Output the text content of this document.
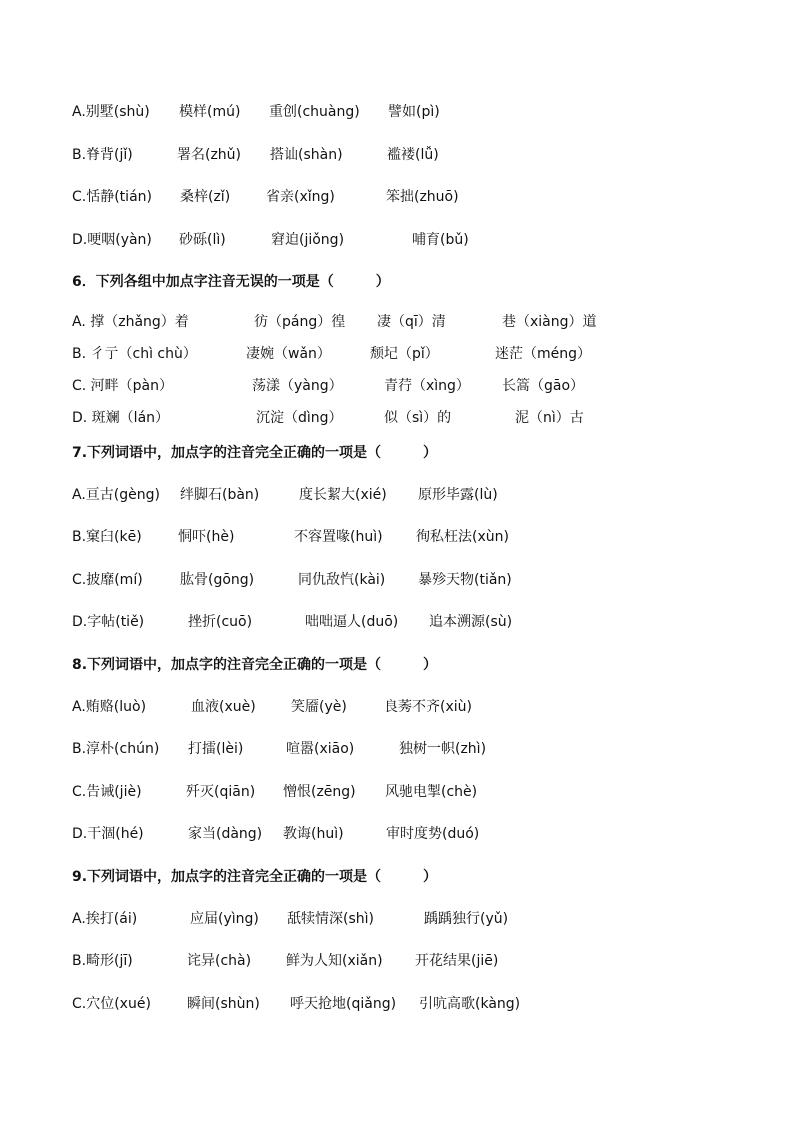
A.别墅(shù) 模样(mú) 重创(chuàng) 譬如(pì)
B.脊背(jǐ)	署名(zhǔ) 搭讪(shàn)	褴褛(lǚ)
C.恬静(tián) 桑梓(zǐ)	省亲(xǐng)	笨拙(zhuō)
D.哽咽(yàn) 砂砾(lì)	窘迫(jiǒng)	哺育(bǔ)
6．下列各组中加点字注音无误的一项是（　　　）
A. 撑（zhǎng）着	彷（páng）徨 凄（qī）清	巷（xiàng）道
B. 彳亍（chì chù）	凄婉（wǎn）	颓圮（pǐ）	迷茫（méng）
C. 河畔（pàn）	荡漾（yàng）	青荇（xìng） 长篙（gāo）
D. 斑斓（lán）	沉淀（dìng）	似（sì）的	泥（nì）古
7.下列词语中，加点字的注音完全正确的一项是（　　　）
A.亘古(gèng) 绊脚石(bàn)	度长絜大(xié) 原形毕露(lù)
B.窠臼(kē)	恫吓(hè)	不容置喙(huì) 徇私枉法(xùn)
C.披靡(mí)	肱骨(gōng)	同仇敌忾(kài) 暴殄天物(tiǎn)
D.字帖(tiě)	挫折(cuō)	咄咄逼人(duō) 追本溯源(sù)
8.下列词语中，加点字的注音完全正确的一项是（　　　）
A.贿赂(luò)	血液(xuè)	笑靥(yè)	良莠不齐(xiù)
B.淳朴(chún) 打擂(lèi)	喧嚣(xiāo)	独树一帜(zhì)
C.告诫(jiè)	歼灭(qiān) 憎恨(zēng) 风驰电掣(chè)
D.干涸(hé)	家当(dàng) 教诲(huì)	审时度势(duó)
9.下列词语中，加点字的注音完全正确的一项是（　　　）
A.挨打(ái)	应届(yìng) 舐犊情深(shì)	踽踽独行(yǔ)
B.畸形(jī)	诧异(chà) 鲜为人知(xiǎn) 开花结果(jiē)
C.穴位(xué)	瞬间(shùn) 呼天抢地(qiǎng) 引吭高歌(kàng)
